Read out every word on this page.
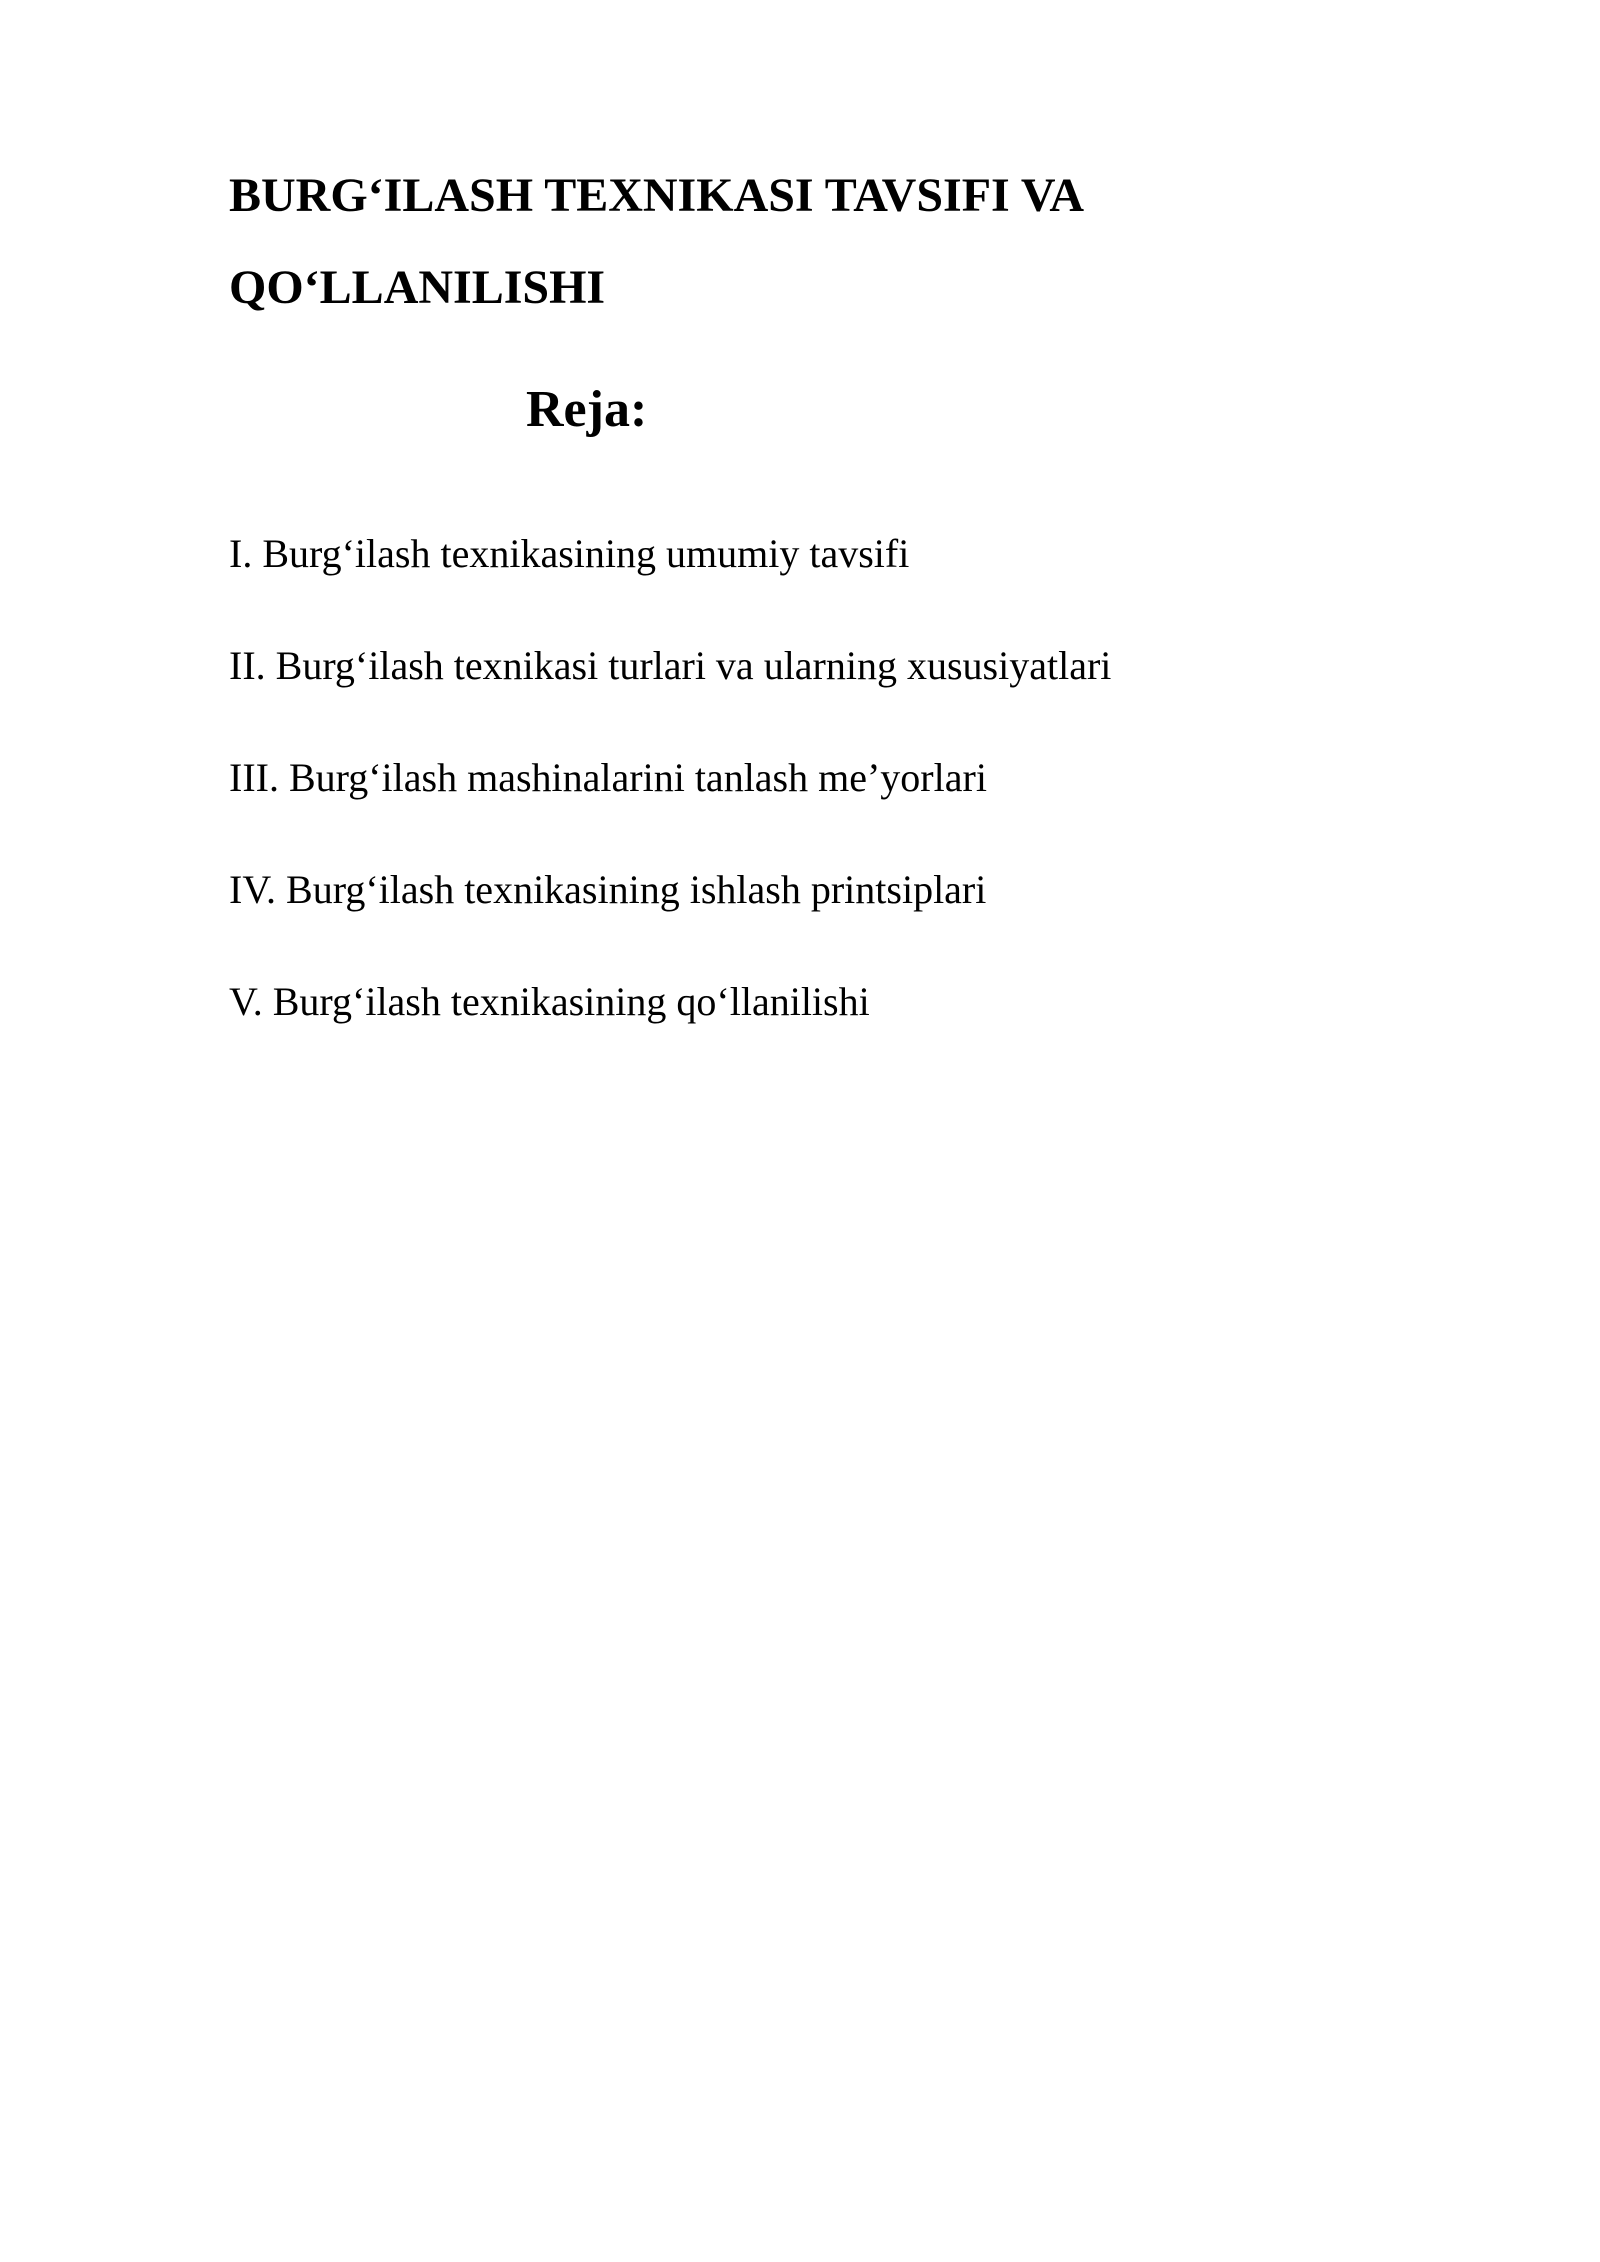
BURG‘ILASH TEXNIKASI TAVSIFI VA
QO‘LLANILISHI
Reja:
I. Burg‘ilash texnikasining umumiy tavsifi
II. Burg‘ilash texnikasi turlari va ularning xususiyatlari
III. Burg‘ilash mashinalarini tanlash me’yorlari
IV. Burg‘ilash texnikasining ishlash printsiplari
V. Burg‘ilash texnikasining qo‘llanilishi
